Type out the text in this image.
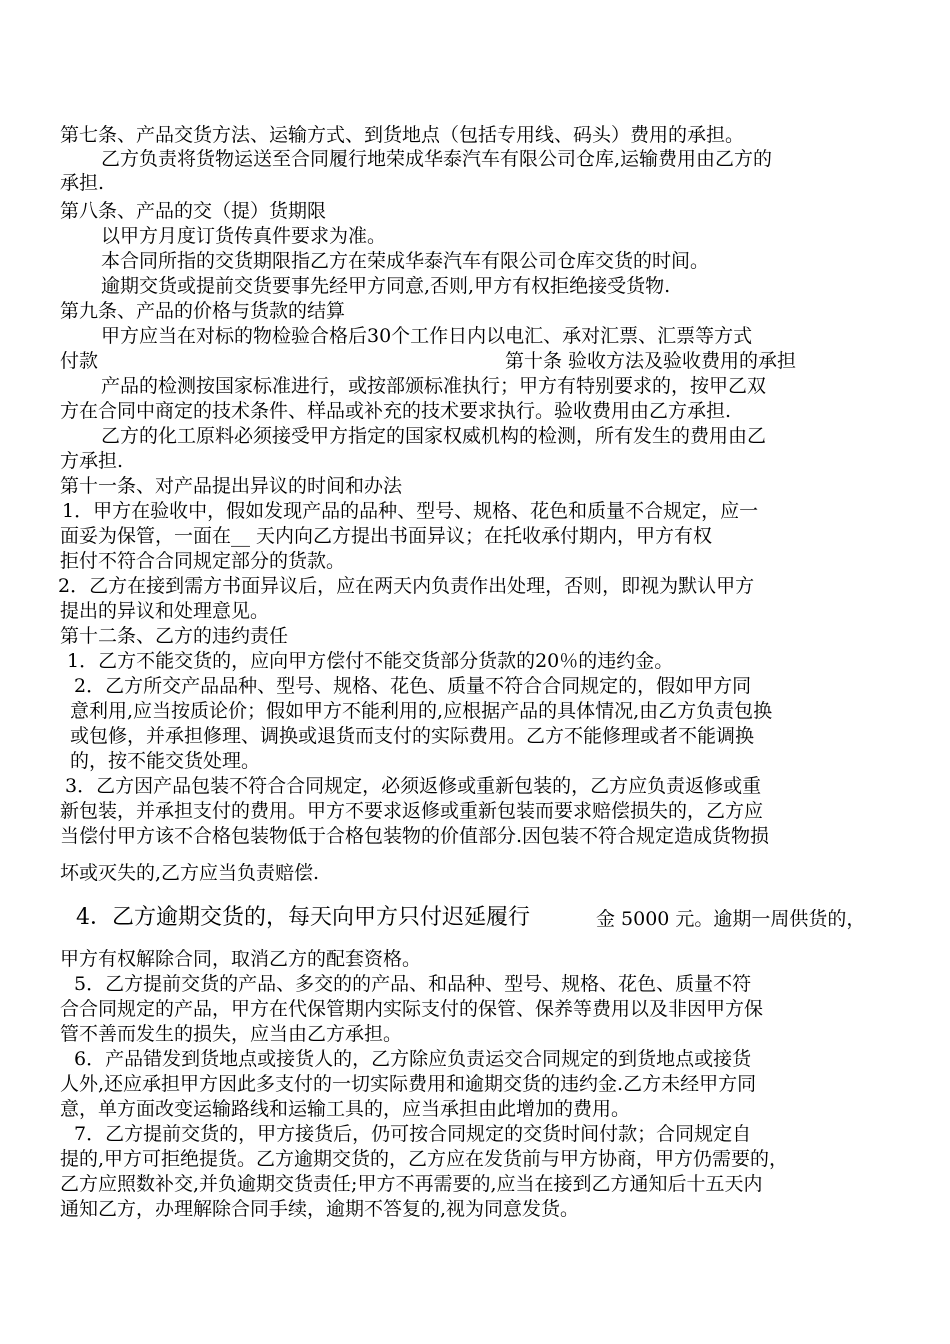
第七条、产品交货方法、运输方式、到货地点（包括专用线、码头）费用的承担。
乙方负责将货物运送至合同履行地荣成华泰汽车有限公司仓库,运输费用由乙方的
承担.
第八条、产品的交（提）货期限
以甲方月度订货传真件要求为准。
本合同所指的交货期限指乙方在荣成华泰汽车有限公司仓库交货的时间。
逾期交货或提前交货要事先经甲方同意,否则,甲方有权拒绝接受货物.
第九条、产品的价格与货款的结算
甲方应当在对标的物检验合格后30个工作日内以电汇、承对汇票、汇票等方式
付款	第十条 验收方法及验收费用的承担
产品的检测按国家标准进行，或按部颁标准执行；甲方有特别要求的，按甲乙双
方在合同中商定的技术条件、样品或补充的技术要求执行。验收费用由乙方承担.
乙方的化工原料必须接受甲方指定的国家权威机构的检测，所有发生的费用由乙
方承担.
第十一条、对产品提出异议的时间和办法
1．甲方在验收中，假如发现产品的品种、型号、规格、花色和质量不合规定，应一
面妥为保管，一面在__ 天内向乙方提出书面异议；在托收承付期内，甲方有权
拒付不符合合同规定部分的货款。
2．乙方在接到需方书面异议后，应在两天内负责作出处理，否则，即视为默认甲方
提出的异议和处理意见。
第十二条、乙方的违约责任
1．乙方不能交货的，应向甲方偿付不能交货部分货款的20％的违约金。
2．乙方所交产品品种、型号、规格、花色、质量不符合合同规定的，假如甲方同
意利用,应当按质论价；假如甲方不能利用的,应根据产品的具体情况,由乙方负责包换
或包修，并承担修理、调换或退货而支付的实际费用。乙方不能修理或者不能调换
的，按不能交货处理。
3．乙方因产品包装不符合合同规定，必须返修或重新包装的，乙方应负责返修或重
新包装，并承担支付的费用。甲方不要求返修或重新包装而要求赔偿损失的，乙方应
当偿付甲方该不合格包装物低于合格包装物的价值部分.因包装不符合规定造成货物损
坏或灭失的,乙方应当负责赔偿.
4．乙方逾期交货的，每天向甲方只付迟延履行	金 5000 元。逾期一周供货的，
甲方有权解除合同，取消乙方的配套资格。
5．乙方提前交货的产品、多交的的产品、和品种、型号、规格、花色、质量不符
合合同规定的产品，甲方在代保管期内实际支付的保管、保养等费用以及非因甲方保
管不善而发生的损失，应当由乙方承担。
6．产品错发到货地点或接货人的，乙方除应负责运交合同规定的到货地点或接货
人外,还应承担甲方因此多支付的一切实际费用和逾期交货的违约金.乙方未经甲方同
意，单方面改变运输路线和运输工具的，应当承担由此增加的费用。
7．乙方提前交货的，甲方接货后，仍可按合同规定的交货时间付款；合同规定自
提的,甲方可拒绝提货。乙方逾期交货的，乙方应在发货前与甲方协商，甲方仍需要的，
乙方应照数补交,并负逾期交货责任;甲方不再需要的,应当在接到乙方通知后十五天内
通知乙方，办理解除合同手续，逾期不答复的,视为同意发货。
